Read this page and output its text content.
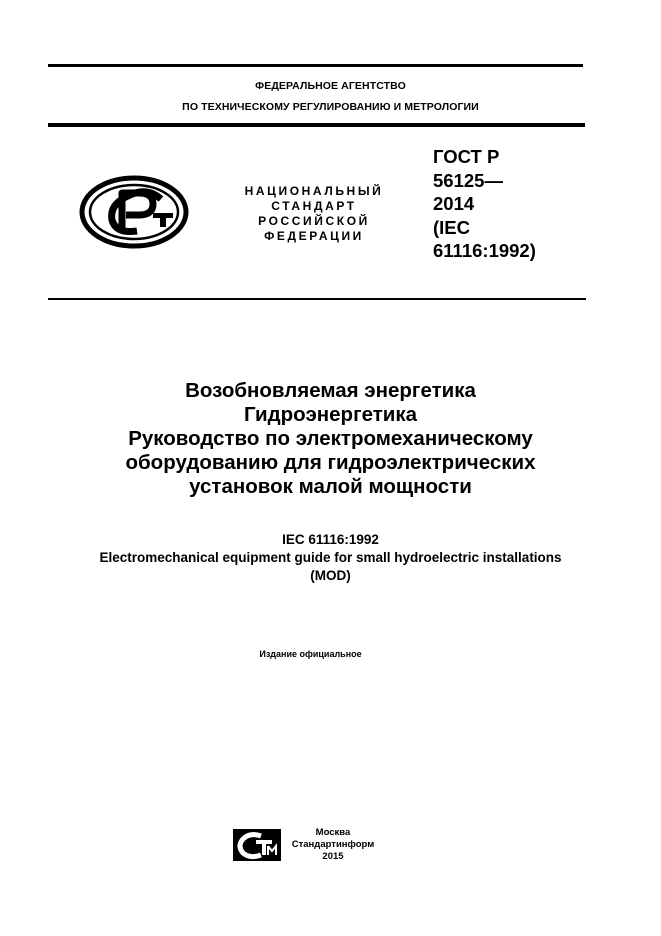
ФЕДЕРАЛЬНОЕ АГЕНТСТВО
ПО ТЕХНИЧЕСКОМУ РЕГУЛИРОВАНИЮ И МЕТРОЛОГИИ
НАЦИОНАЛЬНЫЙ
СТАНДАРТ
РОССИЙСКОЙ
ФЕДЕРАЦИИ
ГОСТ Р
56125—
2014
(IEC
61116:1992)
Возобновляемая энергетика
Гидроэнергетика
Руководство по электромеханическому
оборудованию для гидроэлектрических
установок малой мощности
IEC 61116:1992
Electromechanical equipment guide for small hydroelectric installations
(MOD)
Издание официальное
Москва
Стандартинформ
2015
